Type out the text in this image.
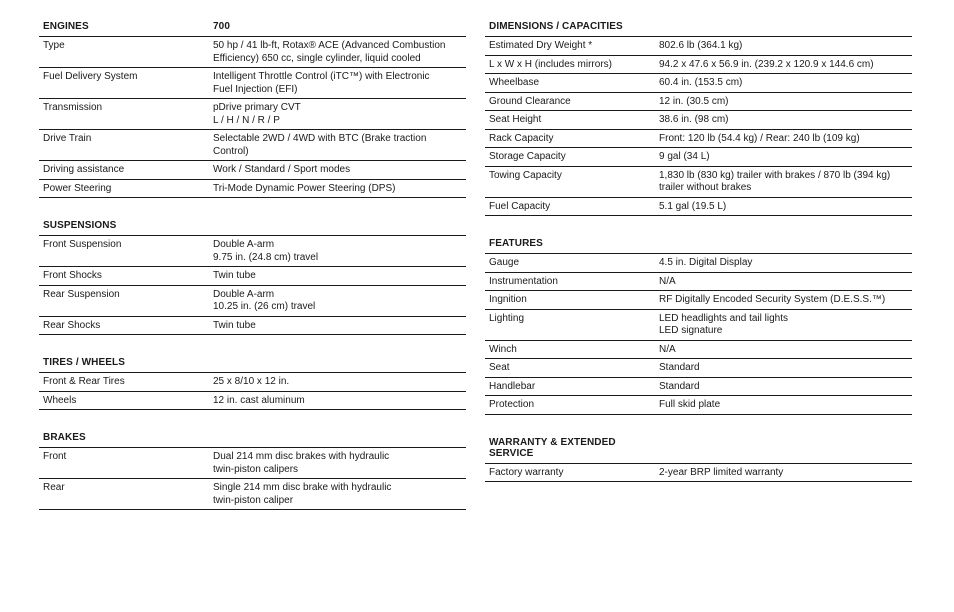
ENGINES	700
Type	50 hp / 41 lb-ft, Rotax® ACE (Advanced Combustion
Efficiency) 650 cc, single cylinder, liquid cooled
Fuel Delivery System	Intelligent Throttle Control (iTC™) with Electronic
Fuel Injection (EFI)
Transmission	pDrive primary CVT
L / H / N / R / P
Drive Train	Selectable 2WD / 4WD with BTC (Brake traction
Control)
Driving assistance	Work / Standard / Sport modes
Power Steering	Tri-Mode Dynamic Power Steering (DPS)
SUSPENSIONS
Front Suspension	Double A-arm
9.75 in. (24.8 cm) travel
Front Shocks	Twin tube
Rear Suspension	Double A-arm
10.25 in. (26 cm) travel
Rear Shocks	Twin tube
TIRES / WHEELS
Front & Rear Tires	25 x 8/10 x 12 in.
Wheels	12 in. cast aluminum
BRAKES
Front	Dual 214 mm disc brakes with hydraulic
twin-piston calipers
Rear	Single 214 mm disc brake with hydraulic
twin-piston caliper
DIMENSIONS / CAPACITIES
Estimated Dry Weight *	802.6 lb (364.1 kg)
L x W x H (includes mirrors)	94.2 x 47.6 x 56.9 in. (239.2 x 120.9 x 144.6 cm)
Wheelbase	60.4 in. (153.5 cm)
Ground Clearance	12 in. (30.5 cm)
Seat Height	38.6 in. (98 cm)
Rack Capacity	Front: 120 lb (54.4 kg) / Rear: 240 lb (109 kg)
Storage Capacity	9 gal (34 L)
Towing Capacity	1,830 lb (830 kg) trailer with brakes / 870 lb (394 kg)
trailer without brakes
Fuel Capacity	5.1 gal (19.5 L)
FEATURES
Gauge	4.5 in. Digital Display
Instrumentation	N/A
Ingnition	RF Digitally Encoded Security System (D.E.S.S.™)
Lighting	LED headlights and tail lights
LED signature
Winch	N/A
Seat	Standard
Handlebar	Standard
Protection	Full skid plate
WARRANTY & EXTENDED SERVICE
Factory warranty	2-year BRP limited warranty
